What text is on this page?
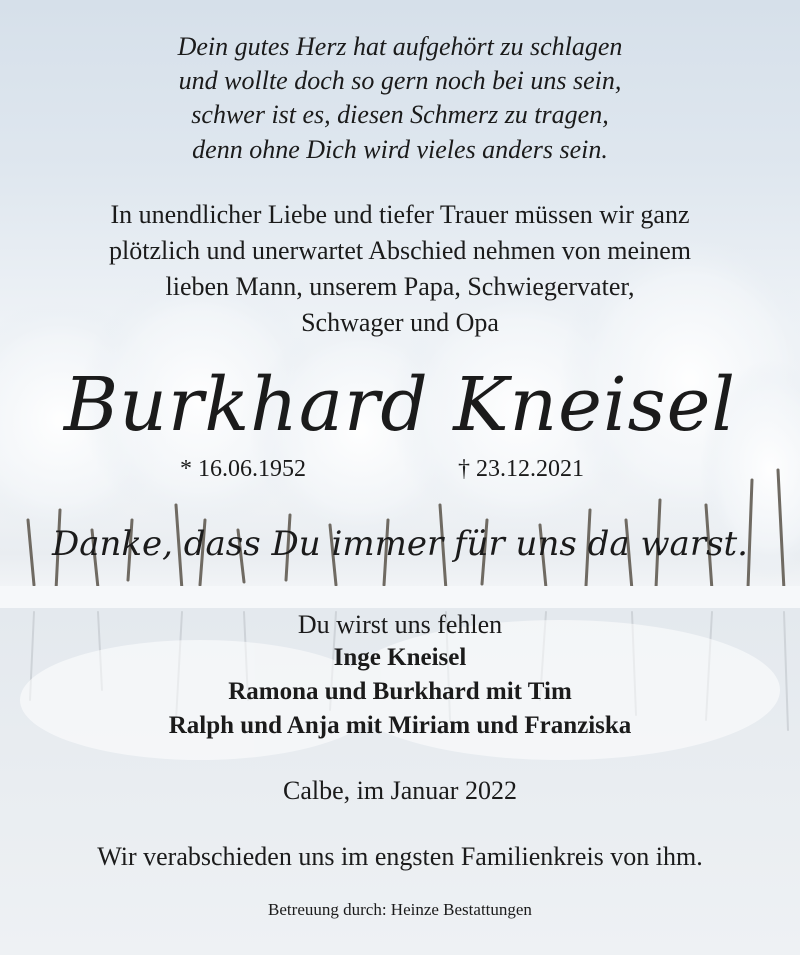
Dein gutes Herz hat aufgehört zu schlagen
und wollte doch so gern noch bei uns sein,
schwer ist es, diesen Schmerz zu tragen,
denn ohne Dich wird vieles anders sein.
In unendlicher Liebe und tiefer Trauer müssen wir ganz
plötzlich und unerwartet Abschied nehmen von meinem
lieben Mann, unserem Papa, Schwiegervater,
Schwager und Opa
Burkhard Kneisel
* 16.06.1952	† 23.12.2021
Danke, dass Du immer für uns da warst.
Du wirst uns fehlen
Inge Kneisel
Ramona und Burkhard mit Tim
Ralph und Anja mit Miriam und Franziska
Calbe, im Januar 2022
Wir verabschieden uns im engsten Familienkreis von ihm.
Betreuung durch: Heinze Bestattungen
